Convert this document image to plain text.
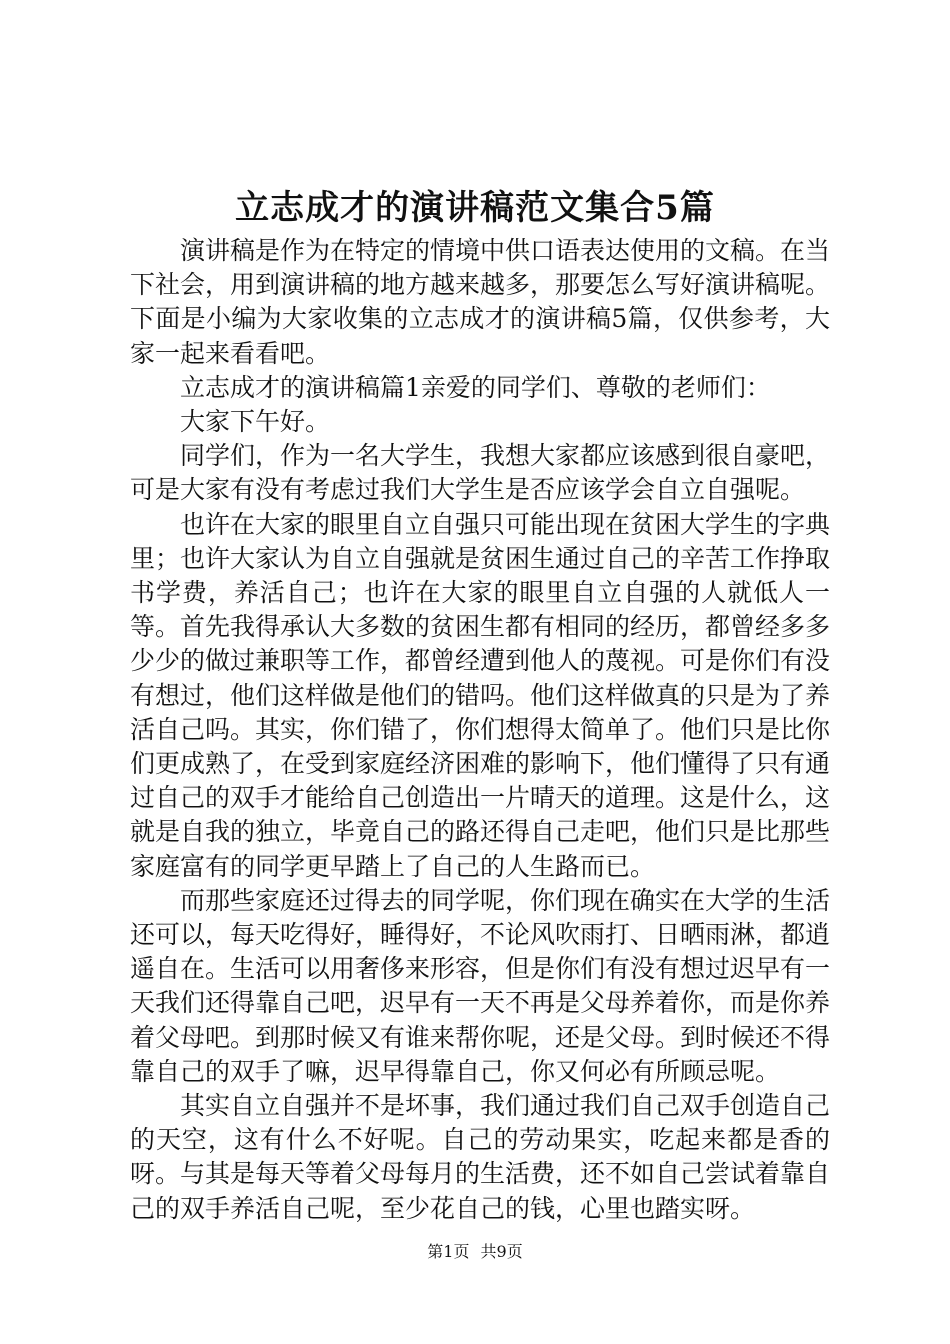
立志成才的演讲稿范文集合5篇

演讲稿是作为在特定的情境中供口语表达使用的文稿。在当下社会，用到演讲稿的地方越来越多，那要怎么写好演讲稿呢。下面是小编为大家收集的立志成才的演讲稿5篇，仅供参考，大家一起来看看吧。

立志成才的演讲稿篇1亲爱的同学们、尊敬的老师们：

大家下午好。

同学们，作为一名大学生，我想大家都应该感到很自豪吧，可是大家有没有考虑过我们大学生是否应该学会自立自强呢。

也许在大家的眼里自立自强只可能出现在贫困大学生的字典里；也许大家认为自立自强就是贫困生通过自己的辛苦工作挣取书学费，养活自己；也许在大家的眼里自立自强的人就低人一等。首先我得承认大多数的贫困生都有相同的经历，都曾经多多少少的做过兼职等工作，都曾经遭到他人的蔑视。可是你们有没有想过，他们这样做是他们的错吗。他们这样做真的只是为了养活自己吗。其实，你们错了，你们想得太简单了。他们只是比你们更成熟了，在受到家庭经济困难的影响下，他们懂得了只有通过自己的双手才能给自己创造出一片晴天的道理。这是什么，这就是自我的独立，毕竟自己的路还得自己走吧，他们只是比那些家庭富有的同学更早踏上了自己的人生路而已。

而那些家庭还过得去的同学呢，你们现在确实在大学的生活还可以，每天吃得好，睡得好，不论风吹雨打、日晒雨淋，都逍遥自在。生活可以用奢侈来形容，但是你们有没有想过迟早有一天我们还得靠自己吧，迟早有一天不再是父母养着你，而是你养着父母吧。到那时候又有谁来帮你呢，还是父母。到时候还不得靠自己的双手了嘛，迟早得靠自己，你又何必有所顾忌呢。

其实自立自强并不是坏事，我们通过我们自己双手创造自己的天空，这有什么不好呢。自己的劳动果实，吃起来都是香的呀。与其是每天等着父母每月的生活费，还不如自己尝试着靠自己的双手养活自己呢，至少花自己的钱，心里也踏实呀。

第1页 共9页
